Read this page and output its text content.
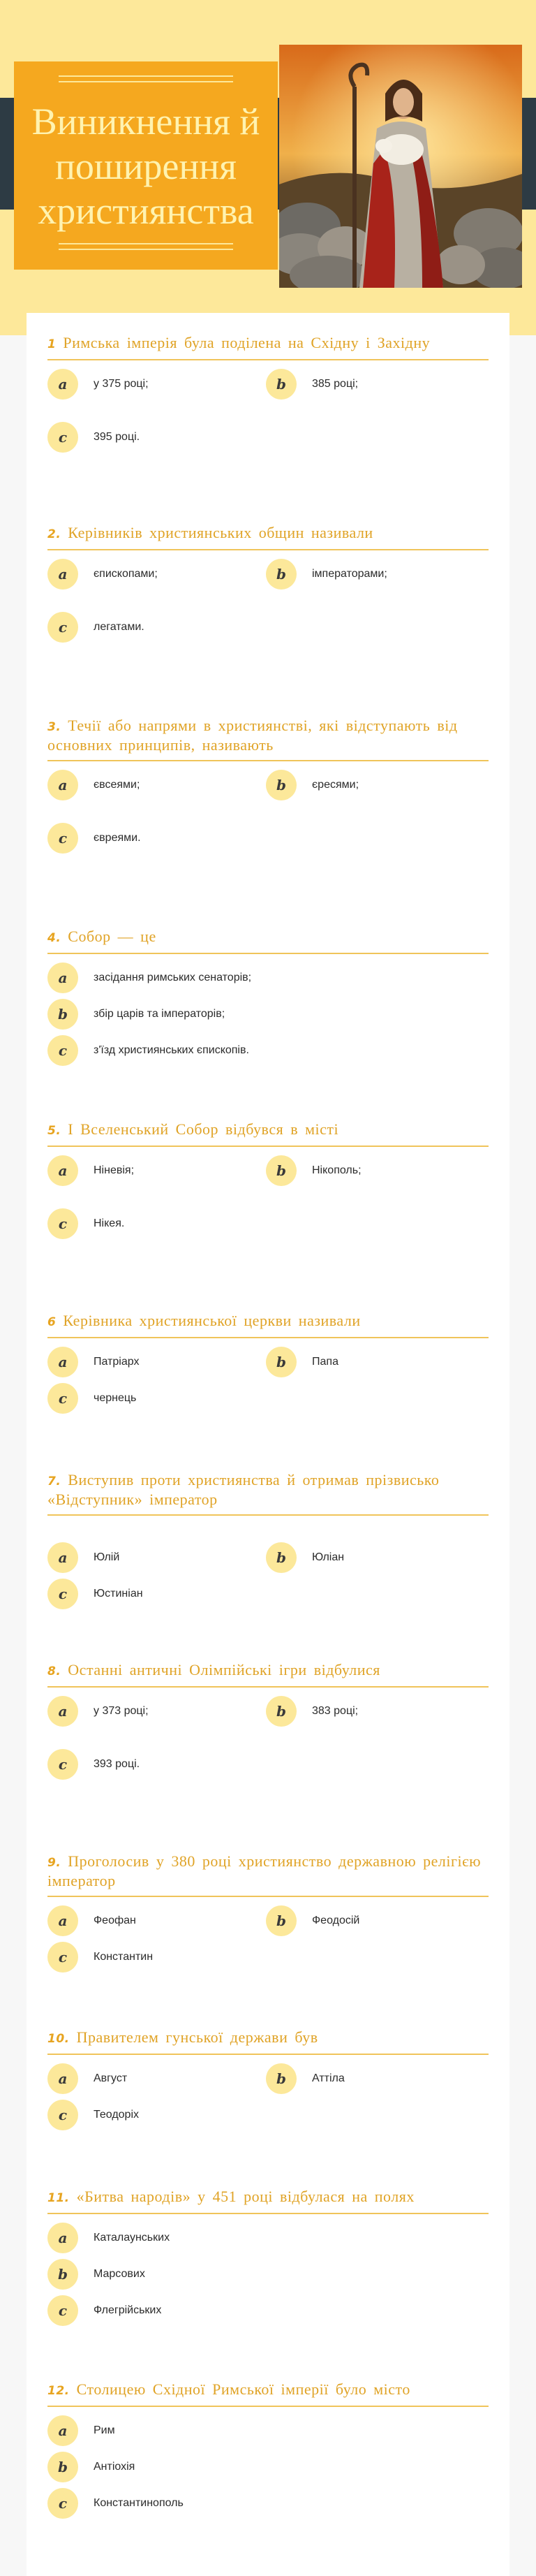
Виникнення й поширення християнства
1 Римська імперія була поділена на Східну і Західну
a	у 375 році;	b	385 році;
c	395 році.
2. Керівників християнських общин називали
a	єпископами;	b	імператорами;
c	легатами.
3. Течії або напрями в християнстві, які відступають від основних принципів, називають
a	євсеями;	b	єресями;
c	євреями.
4. Собор — це
a	засідання римських сенаторів;
b	збір царів та імператорів;
c	з'їзд християнських єпископів.
5. І Вселенський Собор відбувся в місті
a	Ніневія;	b	Нікополь;
c	Нікея.
6 Керівника християнської церкви називали
a	Патріарх	b	Папа
c	чернець
7. Виступив проти християнства й отримав прізвисько «Відступник» імператор
a	Юлій	b	Юліан
c	Юстиніан
8. Останні античні Олімпійські ігри відбулися
a	у 373 році;	b	383 році;
c	393 році.
9. Проголосив у 380 році християнство державною релігією імператор
a	Феофан	b	Феодосій
c	Константин
10. Правителем гунської держави був
a	Август	b	Аттіла
c	Теодоріх
11. «Битва народів» у 451 році відбулася на полях
a	Каталаунських
b	Марсових
c	Флегрійських
12. Столицею Східної Римської імперії було місто
a	Рим
b	Антіохія
c	Константинополь
